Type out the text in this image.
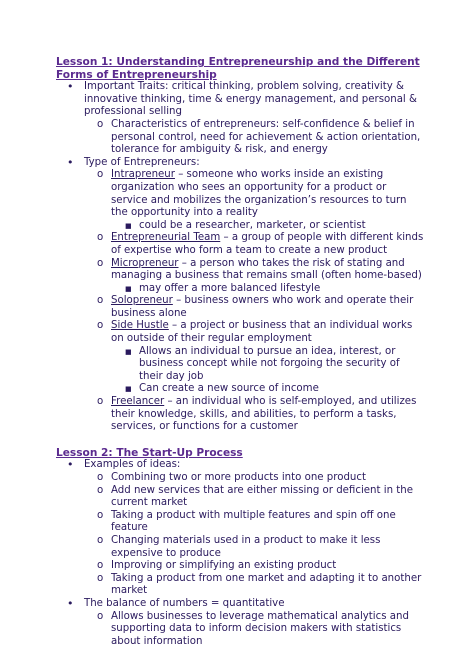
Lesson 1: Understanding Entrepreneurship and the Different Forms of Entrepreneurship
• Important Traits: critical thinking, problem solving, creativity & innovative thinking, time & energy management, and personal & professional selling
o Characteristics of entrepreneurs: self-confidence & belief in personal control, need for achievement & action orientation, tolerance for ambiguity & risk, and energy
• Type of Entrepreneurs:
o Intrapreneur – someone who works inside an existing organization who sees an opportunity for a product or service and mobilizes the organization’s resources to turn the opportunity into a reality
■ could be a researcher, marketer, or scientist
o Entrepreneurial Team – a group of people with different kinds of expertise who form a team to create a new product
o Micropreneur – a person who takes the risk of stating and managing a business that remains small (often home-based)
■ may offer a more balanced lifestyle
o Solopreneur – business owners who work and operate their business alone
o Side Hustle – a project or business that an individual works on outside of their regular employment
■ Allows an individual to pursue an idea, interest, or business concept while not forgoing the security of their day job
■ Can create a new source of income
o Freelancer – an individual who is self-employed, and utilizes their knowledge, skills, and abilities, to perform a tasks, services, or functions for a customer
Lesson 2: The Start-Up Process
• Examples of ideas:
o Combining two or more products into one product
o Add new services that are either missing or deficient in the current market
o Taking a product with multiple features and spin off one feature
o Changing materials used in a product to make it less expensive to produce
o Improving or simplifying an existing product
o Taking a product from one market and adapting it to another market
• The balance of numbers = quantitative
o Allows businesses to leverage mathematical analytics and supporting data to inform decision makers with statistics about information
